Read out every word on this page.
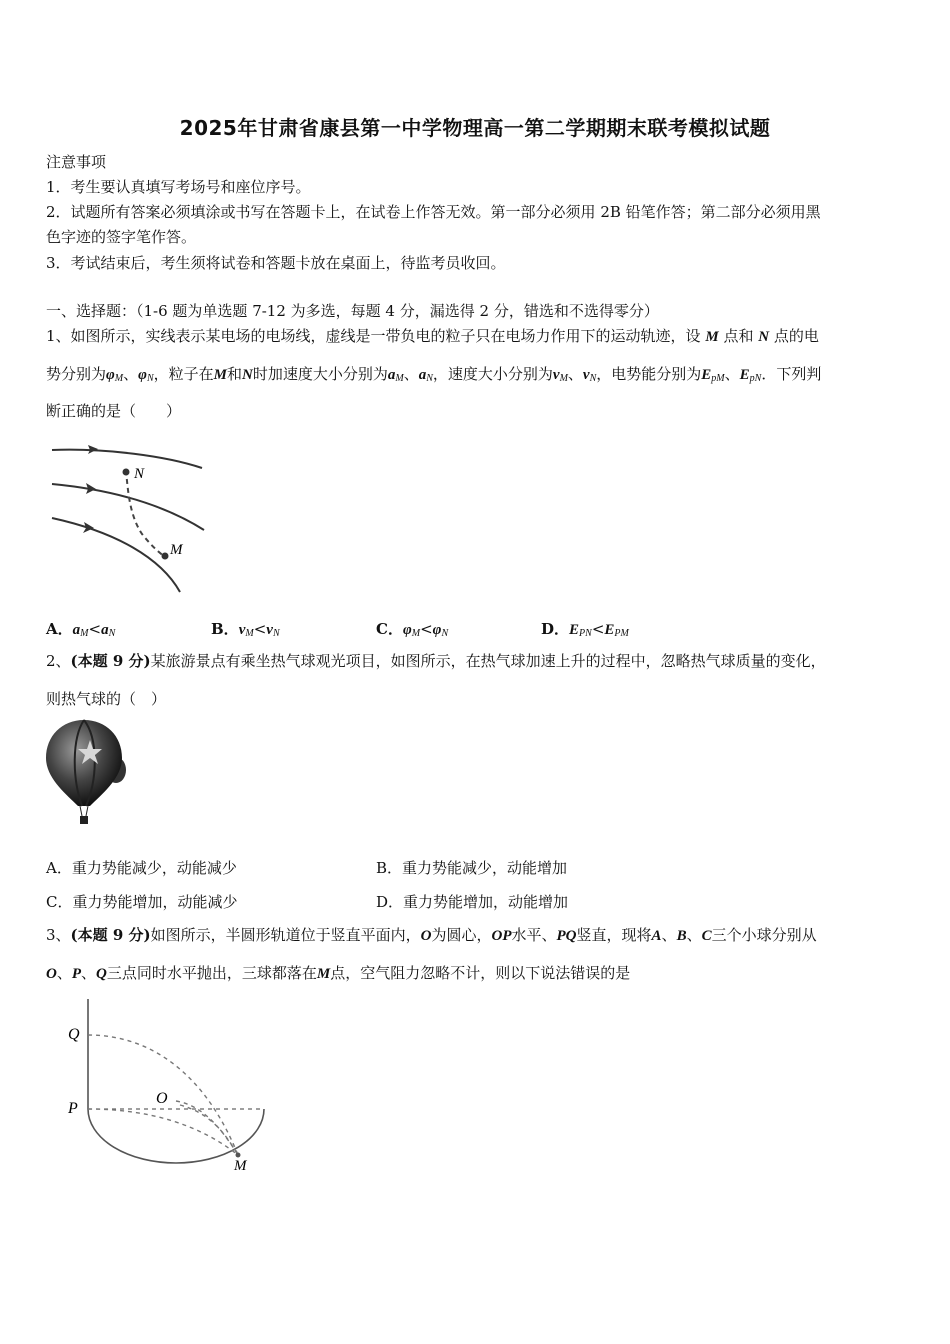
2025年甘肃省康县第一中学物理高一第二学期期末联考模拟试题
注意事项
1．考生要认真填写考场号和座位序号。
2．试题所有答案必须填涂或书写在答题卡上，在试卷上作答无效。第一部分必须用 2B 铅笔作答；第二部分必须用黑
色字迹的签字笔作答。
3．考试结束后，考生须将试卷和答题卡放在桌面上，待监考员收回。
一、选择题：（1-6 题为单选题 7-12 为多选，每题 4 分，漏选得 2 分，错选和不选得零分）
1、如图所示，实线表示某电场的电场线，虚线是一带负电的粒子只在电场力作用下的运动轨迹，设 M 点和 N 点的电
势分别为$\varphi_M$、$\varphi_N$，粒子在M和N时加速度大小分别为$a_M$、$a_N$，速度大小分别为$v_M$、$v_N$，电势能分别为$E_{pM}$、$E_{pN}$．下列判
断正确的是（　　）
N
M
A．$a_M<a_N$	B．$v_M<v_N$	C．$\varphi_M<\varphi_N$	D．$E_{PN}<E_{PM}$
2、(本题 9 分)某旅游景点有乘坐热气球观光项目，如图所示，在热气球加速上升的过程中，忽略热气球质量的变化，
则热气球的（　）
A．重力势能减少，动能减少	B．重力势能减少，动能增加
C．重力势能增加，动能减少	D．重力势能增加，动能增加
3、(本题 9 分)如图所示，半圆形轨道位于竖直平面内，O为圆心，OP水平、PQ竖直，现将A、B、C三个小球分别从
O、P、Q三点同时水平抛出，三球都落在M点，空气阻力忽略不计，则以下说法错误的是
Q
P
O
M
